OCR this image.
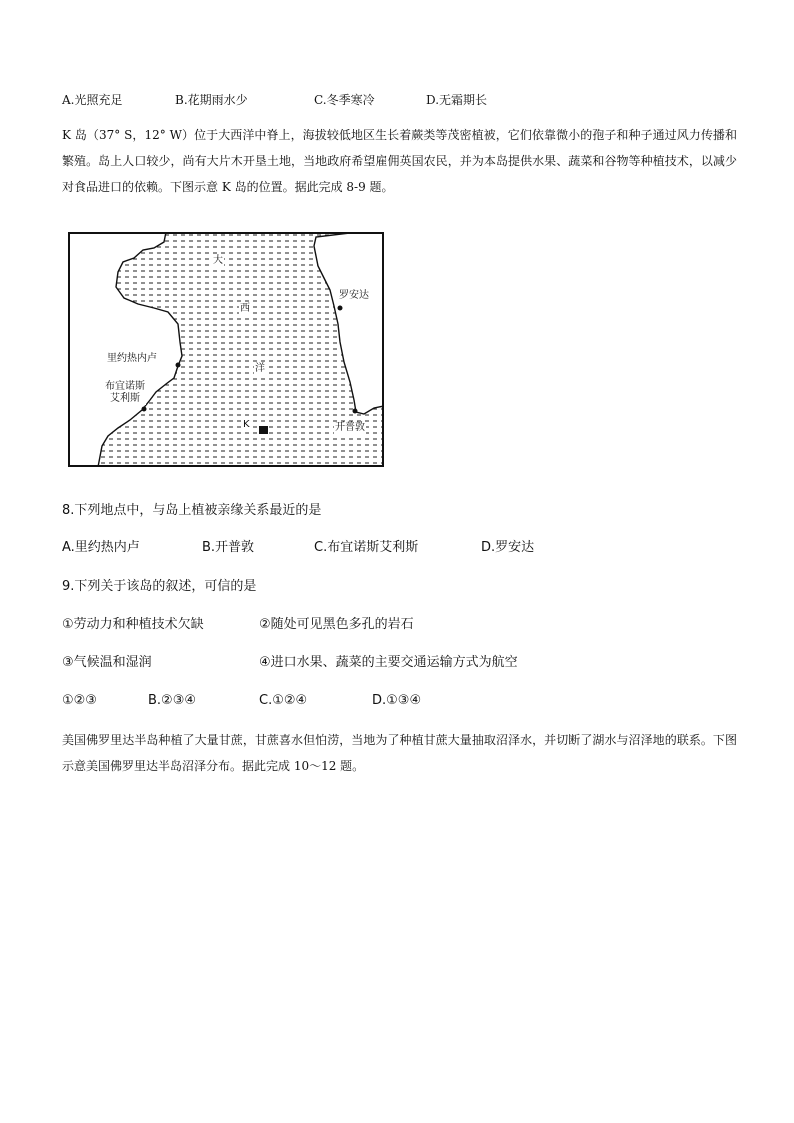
A.光照充足	B.花期雨水少	C.冬季寒冷	D.无霜期长
K 岛（37° S，12° W）位于大西洋中脊上，海拔较低地区生长着蕨类等茂密植被，它们依靠微小的孢子和种子通过风力传播和繁殖。岛上人口较少，尚有大片木开垦土地，当地政府希望雇佣英国农民，并为本岛提供水果、蔬菜和谷物等种植技术，以减少对食品进口的依赖。下图示意 K 岛的位置。据此完成 8-9 题。
大
西
洋
里约热内卢
布宜诺斯
艾利斯
罗安达
开普敦
K
8.下列地点中，与岛上植被亲缘关系最近的是
A.里约热内卢	B.开普敦	C.布宜诺斯艾利斯	D.罗安达
9.下列关于该岛的叙述，可信的是
①劳动力和种植技术欠缺	②随处可见黑色多孔的岩石
③气候温和湿润	④进口水果、蔬菜的主要交通运输方式为航空
①②③	B.②③④	C.①②④	D.①③④
美国佛罗里达半岛种植了大量甘蔗，甘蔗喜水但怕涝，当地为了种植甘蔗大量抽取沼泽水，并切断了湖水与沼泽地的联系。下图示意美国佛罗里达半岛沼泽分布。据此完成 10～12 题。
